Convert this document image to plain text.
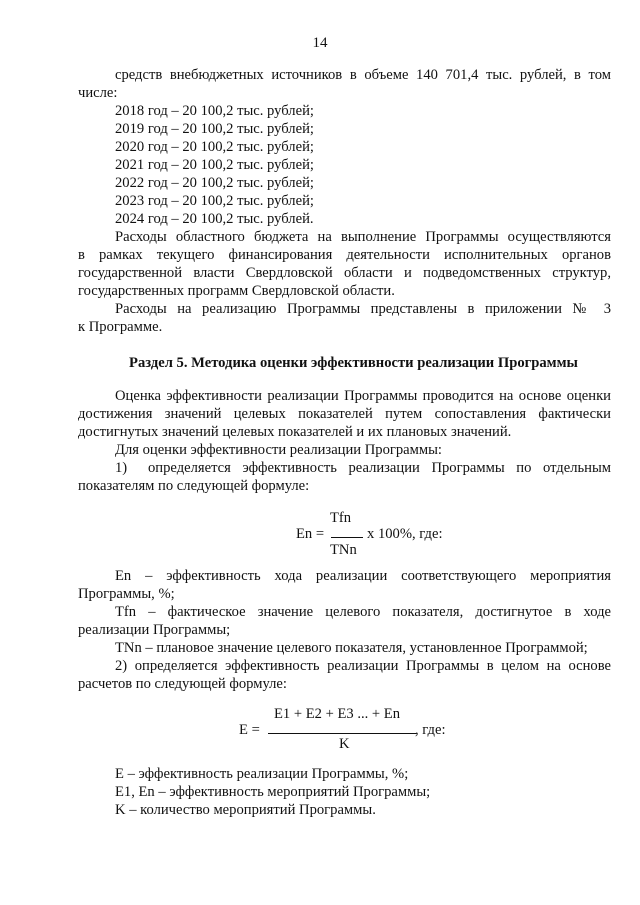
14

средств внебюджетных источников в объеме 140 701,4 тыс. рублей, в том

числе:

2018 год – 20 100,2 тыс. рублей;

2019 год – 20 100,2 тыс. рублей;

2020 год – 20 100,2 тыс. рублей;

2021 год – 20 100,2 тыс. рублей;

2022 год – 20 100,2 тыс. рублей;

2023 год – 20 100,2 тыс. рублей;

2024 год – 20 100,2 тыс. рублей.

Расходы областного бюджета на выполнение Программы осуществляются

в рамках текущего финансирования деятельности исполнительных органов

государственной власти Свердловской области и подведомственных структур,

государственных программ Свердловской области.

Расходы на реализацию Программы представлены в приложении № 3

к Программе.

Раздел 5. Методика оценки эффективности реализации Программы

Оценка эффективности реализации Программы проводится на основе оценки

достижения значений целевых показателей путем сопоставления фактически

достигнутых значений целевых показателей и их плановых значений.

Для оценки эффективности реализации Программы:

1) определяется эффективность реализации Программы по отдельным

показателям по следующей формуле:

Tfn
En =	х 100%, где:
TNn

En – эффективность хода реализации соответствующего мероприятия

Программы, %;

Tfn – фактическое значение целевого показателя, достигнутое в ходе

реализации Программы;

TNn – плановое значение целевого показателя, установленное Программой;

2) определяется эффективность реализации Программы в целом на основе

расчетов по следующей формуле:

E1 + E2 + E3 ... + En
E =	, где:
K

E – эффективность реализации Программы, %;

E1, En – эффективность мероприятий Программы;

K – количество мероприятий Программы.
